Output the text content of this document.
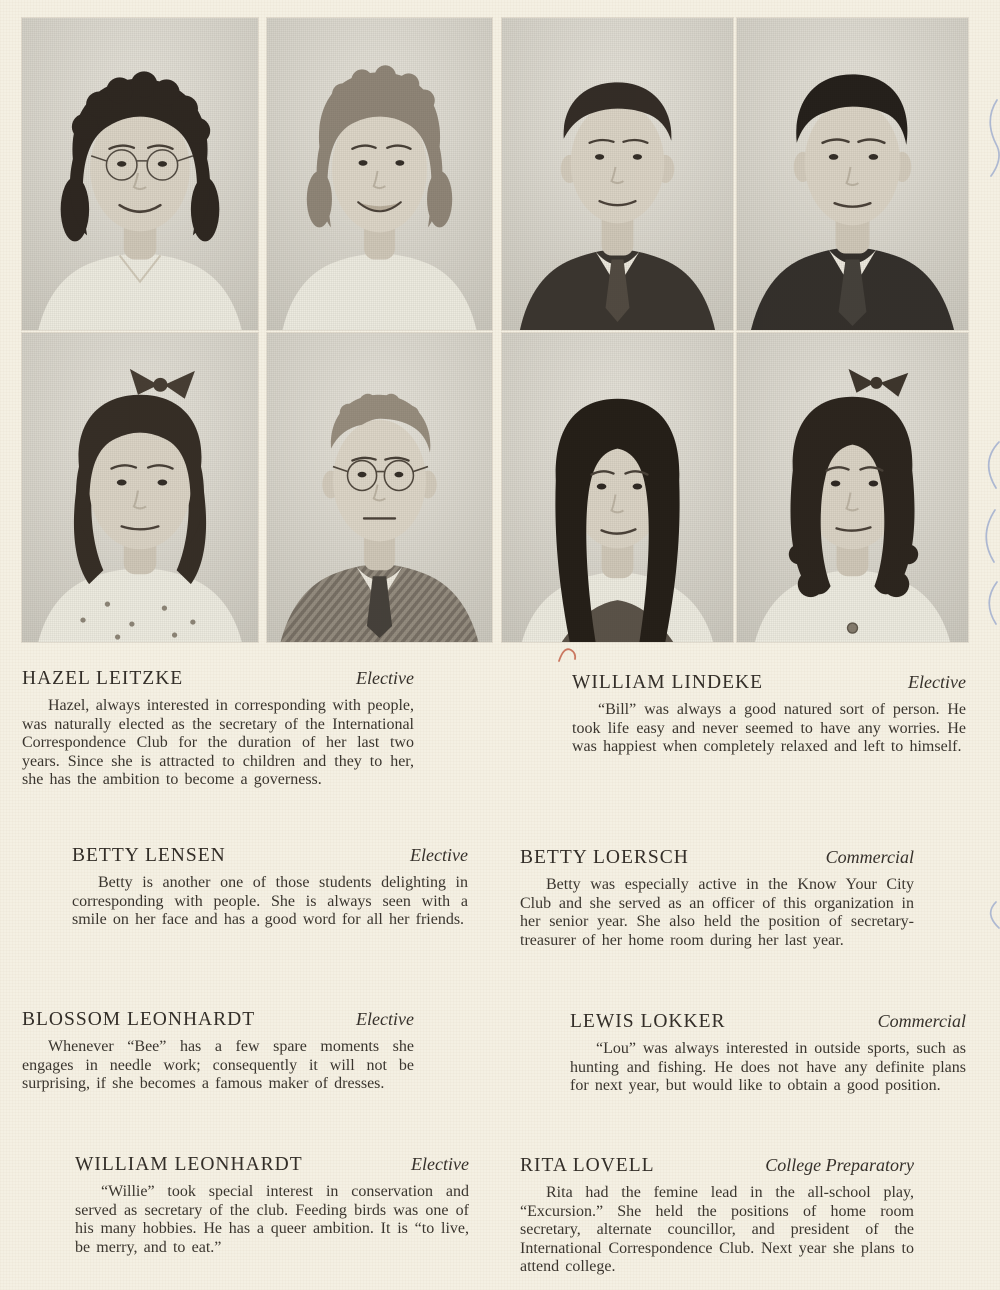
HAZEL LEITZKE	Elective

Hazel, always interested in corresponding with people, was naturally elected as the secretary of the International Correspondence Club for the duration of her last two years. Since she is attracted to children and they to her, she has the ambition to become a governess.

BETTY LENSEN	Elective

Betty is another one of those students delighting in corresponding with people. She is always seen with a smile on her face and has a good word for all her friends.

BLOSSOM LEONHARDT	Elective

Whenever “Bee” has a few spare moments she engages in needle work; consequently it will not be surprising, if she becomes a famous maker of dresses.

WILLIAM LEONHARDT	Elective

“Willie” took special interest in conservation and served as secretary of the club. Feeding birds was one of his many hobbies. He has a queer ambition. It is “to live, be merry, and to eat.”

WILLIAM LINDEKE	Elective

“Bill” was always a good natured sort of person. He took life easy and never seemed to have any worries. He was happiest when completely relaxed and left to himself.

BETTY LOERSCH	Commercial

Betty was especially active in the Know Your City Club and she served as an officer of this organization in her senior year. She also held the position of secretary-treasurer of her home room during her last year.

LEWIS LOKKER	Commercial

“Lou” was always interested in outside sports, such as hunting and fishing. He does not have any definite plans for next year, but would like to obtain a good position.

RITA LOVELL	College Preparatory

Rita had the femine lead in the all-school play, “Excursion.” She held the positions of home room secretary, alternate councillor, and president of the International Correspondence Club. Next year she plans to attend college.
